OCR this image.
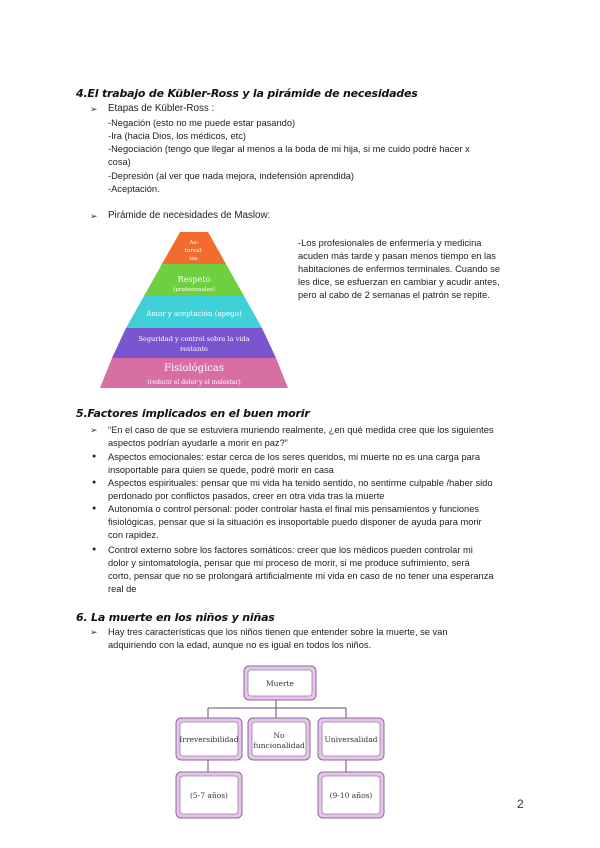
4.El trabajo de Kübler-Ross y la pirámide de necesidades
➢ Etapas de Kübler-Ross :
-Negación (esto no me puede estar pasando)
-Ira (hacia Dios, los médicos, etc)
-Negociación (tengo que llegar al menos a la boda de mi hija, si me cuido podré hacer x
cosa)
-Depresión (al ver que nada mejora, indefensión aprendida)
-Aceptación.
➢ Pirámide de necesidades de Maslow:
Au-
toreal-
iza-
Respeto
(profesionales)
Amor y aceptación (apego)
Seguridad y control sobre la vida
restante
Fisiológicas
(reducir el dolor y el malestar)
-Los profesionales de enfermería y medicina
acuden más tarde y pasan menos tiempo en las
habitaciones de enfermos terminales. Cuando se
les dice, se esfuerzan en cambiar y acudir antes,
pero al cabo de 2 semanas el patrón se repite.
5.Factores implicados en el buen morir
➢ “En el caso de que se estuviera muriendo realmente, ¿en qué medida cree que los siguientes
aspectos podrían ayudarle a morir en paz?”
● Aspectos emocionales: estar cerca de los seres queridos, mi muerte no es una carga para
insoportable para quien se quede, podré morir en casa
● Aspectos espirituales: pensar que mi vida ha tenido sentido, no sentirme culpable /haber sido
perdonado por conflictos pasados, creer en otra vida tras la muerte
● Autonomía o control personal: poder controlar hasta el final mis pensamientos y funciones
fisiológicas, pensar que si la situación es insoportable puedo disponer de ayuda para morir
con rapidez.
● Control externo sobre los factores somáticos: creer que los médicos pueden controlar mi
dolor y sintomatología, pensar que mi proceso de morir, si me produce sufrimiento, será
corto, pensar que no se prolongará artificialmente mi vida en caso de no tener una esperanza
real de
6. La muerte en los niños y niñas
➢ Hay tres características que los niños tienen que entender sobre la muerte, se van
adquiriendo con la edad, aunque no es igual en todos los niños.
Muerte
Irreversibilidad	No
funcionalidad
Universalidad
(5-7 años)	(9-10 años)
2
